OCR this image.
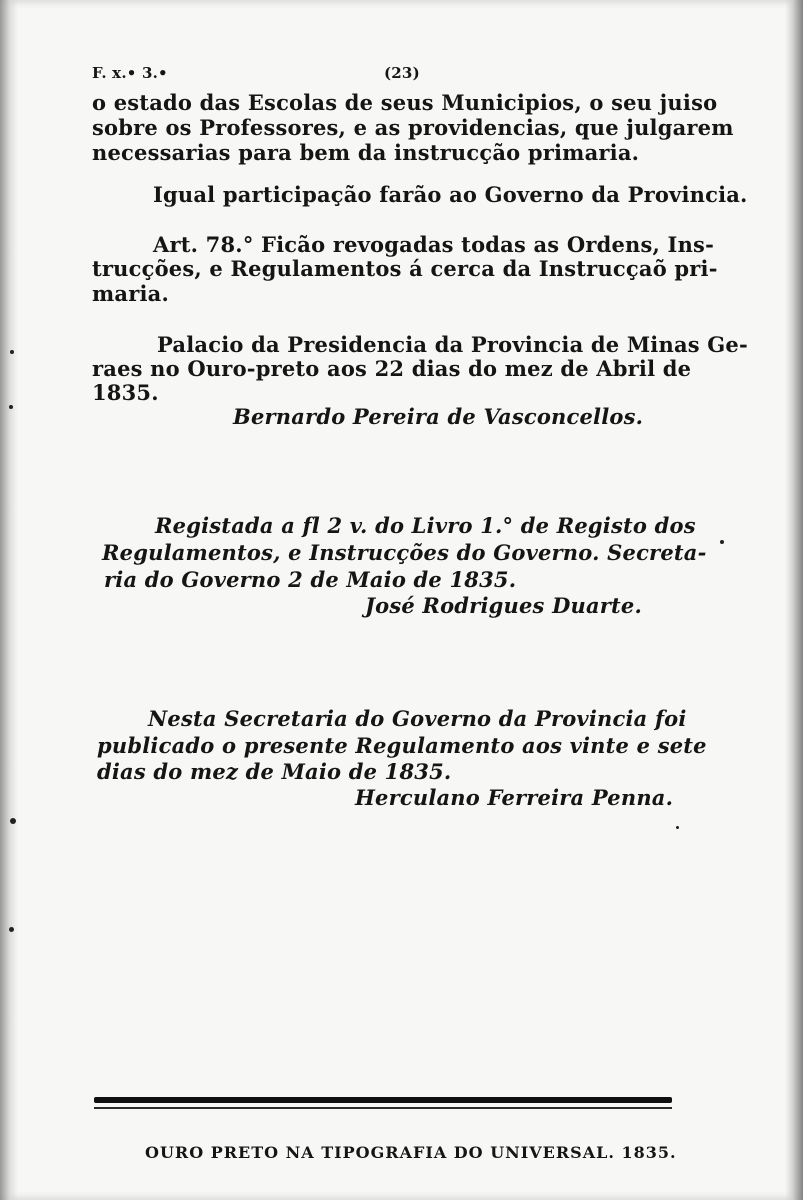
F. x.• 3.•	(23)
o estado das Escolas de seus Municipios, o seu juiso
sobre os Professores, e as providencias, que julgarem
necessarias para bem da instrucção primaria.
Igual participação farão ao Governo da Provincia.
Art. 78.° Ficão revogadas todas as Ordens, Ins-
trucções, e Regulamentos á cerca da Instrucçaõ pri-
maria.
Palacio da Presidencia da Provincia de Minas Ge-
raes no Ouro-preto aos 22 dias do mez de Abril de
1835.
Bernardo Pereira de Vasconcellos.
Registada a fl 2 v. do Livro 1.° de Registo dos
Regulamentos, e Instrucções do Governo. Secreta-
ria do Governo 2 de Maio de 1835.
José Rodrigues Duarte.
Nesta Secretaria do Governo da Provincia foi
publicado o presente Regulamento aos vinte e sete
dias do mez de Maio de 1835.
Herculano Ferreira Penna.
OURO PRETO NA TIPOGRAFIA DO UNIVERSAL. 1835.
